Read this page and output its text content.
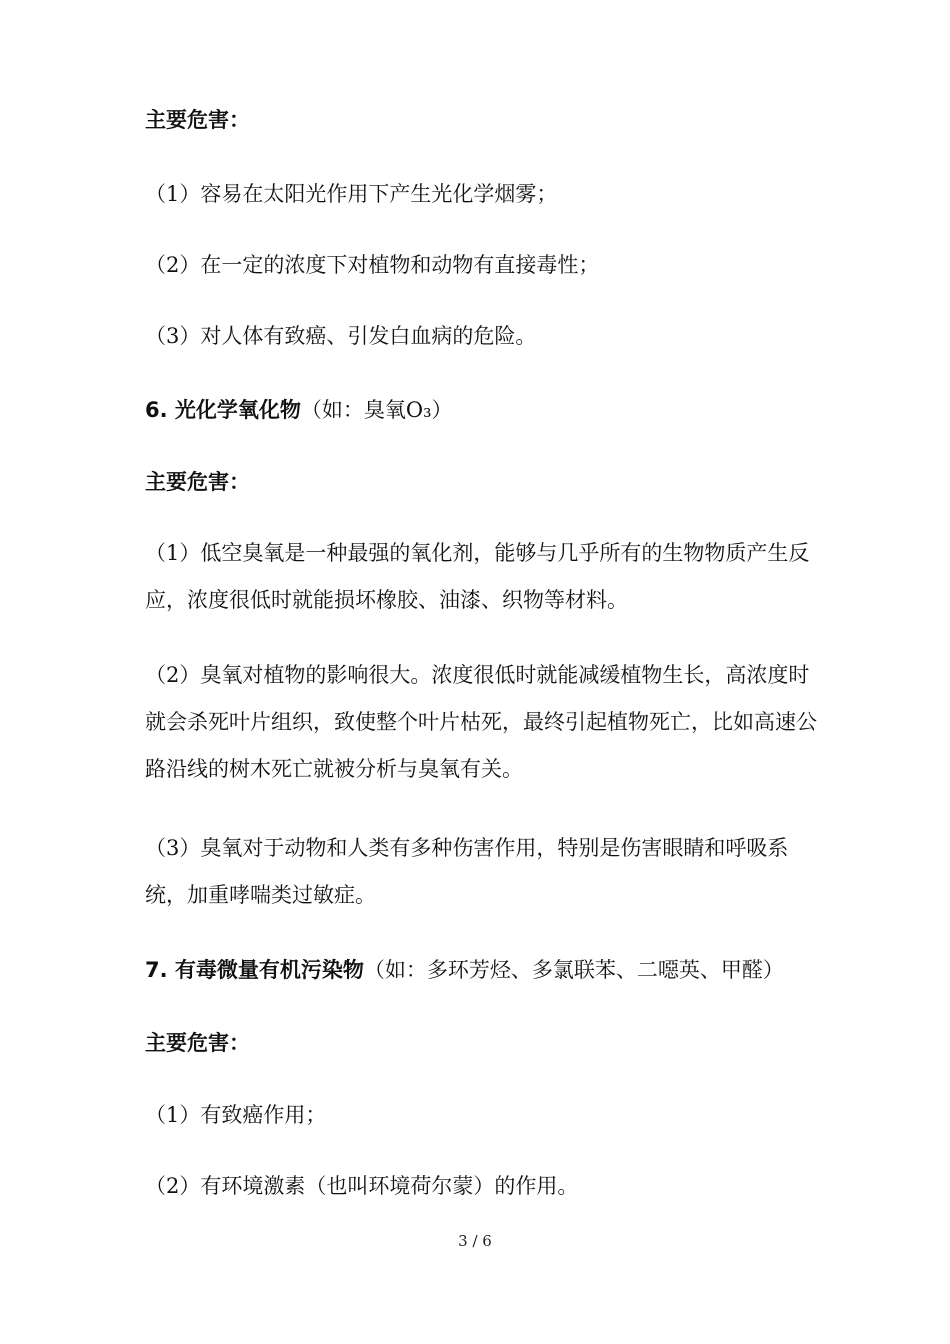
主要危害：
（1）容易在太阳光作用下产生光化学烟雾；
（2）在一定的浓度下对植物和动物有直接毒性；
（3）对人体有致癌、引发白血病的危险。
6. 光化学氧化物（如：臭氧O₃）
主要危害：
（1）低空臭氧是一种最强的氧化剂，能够与几乎所有的生物物质产生反应，浓度很低时就能损坏橡胶、油漆、织物等材料。
（2）臭氧对植物的影响很大。浓度很低时就能减缓植物生长，高浓度时就会杀死叶片组织，致使整个叶片枯死，最终引起植物死亡，比如高速公路沿线的树木死亡就被分析与臭氧有关。
（3）臭氧对于动物和人类有多种伤害作用，特别是伤害眼睛和呼吸系统，加重哮喘类过敏症。
7. 有毒微量有机污染物（如：多环芳烃、多氯联苯、二噁英、甲醛）
主要危害：
（1）有致癌作用；
（2）有环境激素（也叫环境荷尔蒙）的作用。
3 / 6
